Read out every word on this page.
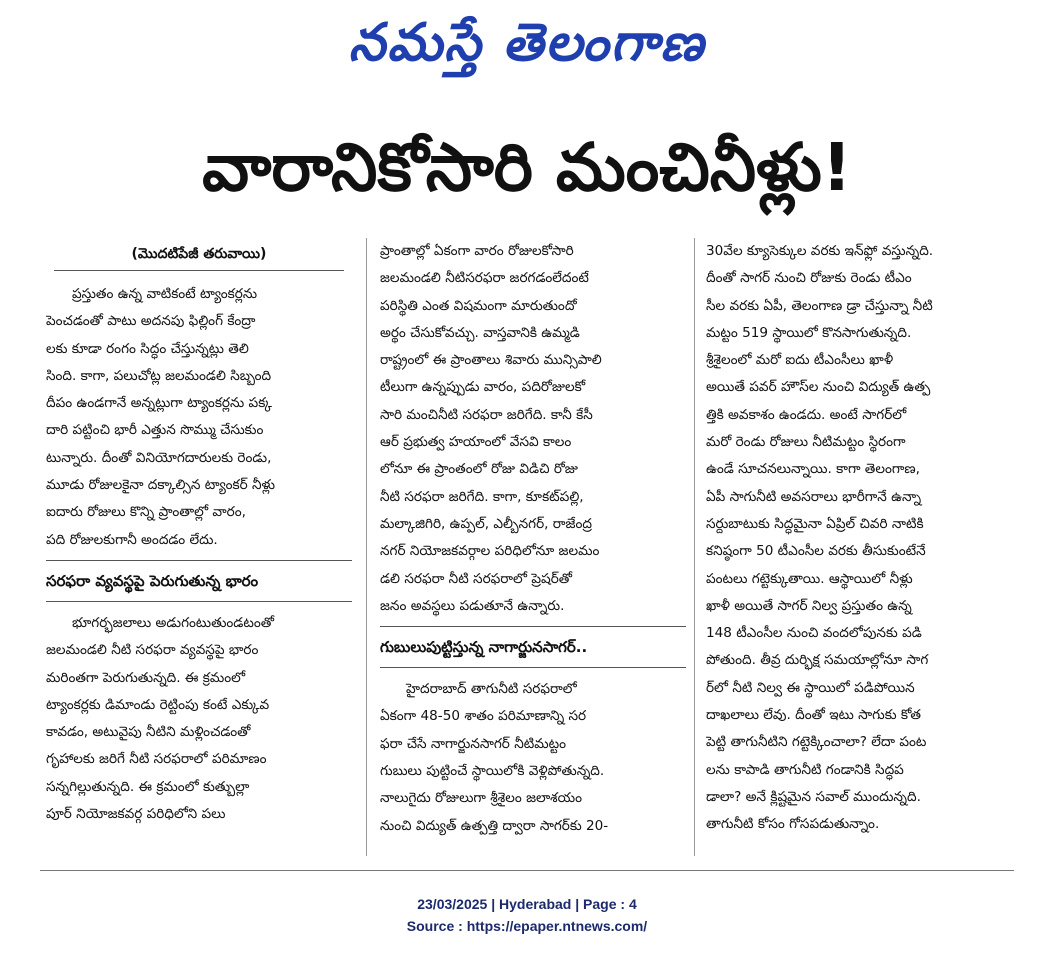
నమస్తే తెలంగాణ
వారానికోసారి మంచినీళ్లు!
(మొదటిపేజీ తరువాయి)
ప్రస్తుతం ఉన్న వాటికంటే ట్యాంకర్లను
పెంచడంతో పాటు అదనపు ఫిల్లింగ్ కేంద్రా
లకు కూడా రంగం సిద్ధం చేస్తున్నట్లు తెలి
సింది. కాగా, పలుచోట్ల జలమండలి సిబ్బంది
దీపం ఉండగానే అన్నట్లుగా ట్యాంకర్లను పక్క
దారి పట్టించి భారీ ఎత్తున సొమ్ము చేసుకుం
టున్నారు. దీంతో వినియోగదారులకు రెండు,
మూడు రోజులకైనా దక్కాల్సిన ట్యాంకర్ నీళ్లు
ఐదారు రోజులు కొన్ని ప్రాంతాల్లో వారం,
పది రోజులకుగానీ అందడం లేదు.
సరఫరా వ్యవస్థపై పెరుగుతున్న భారం
భూగర్భజలాలు అడుగంటుతుండటంతో
జలమండలి నీటి సరఫరా వ్యవస్థపై భారం
మరింతగా పెరుగుతున్నది. ఈ క్రమంలో
ట్యాంకర్లకు డిమాండు రెట్టింపు కంటే ఎక్కువ
కావడం, అటువైపు నీటిని మళ్లించడంతో
గృహాలకు జరిగే నీటి సరఫరాలో పరిమాణం
సన్నగిల్లుతున్నది. ఈ క్రమంలో కుత్బుల్లా
పూర్ నియోజకవర్గ పరిధిలోని పలు
ప్రాంతాల్లో ఏకంగా వారం రోజులకోసారి
జలమండలి నీటిసరఫరా జరగడంలేదంటే
పరిస్థితి ఎంత విషమంగా మారుతుందో
అర్థం చేసుకోవచ్చు. వాస్తవానికి ఉమ్మడి
రాష్ట్రంలో ఈ ప్రాంతాలు శివారు మున్సిపాలి
టీలుగా ఉన్నప్పుడు వారం, పదిరోజులకో
సారి మంచినీటి సరఫరా జరిగేది. కానీ కేసీ
ఆర్ ప్రభుత్వ హయాంలో వేసవి కాలం
లోనూ ఈ ప్రాంతంలో రోజు విడిచి రోజు
నీటి సరఫరా జరిగేది. కాగా, కూకట్‌పల్లి,
మల్కాజిగిరి, ఉప్పల్, ఎల్బీనగర్, రాజేంద్ర
నగర్ నియోజకవర్గాల పరిధిలోనూ జలమం
డలి సరఫరా నీటి సరఫరాలో ప్రెషర్‌తో
జనం అవస్థలు పడుతూనే ఉన్నారు.
గుబులుపుట్టిస్తున్న నాగార్జునసాగర్..
హైదరాబాద్ తాగునీటి సరఫరాలో
ఏకంగా 48-50 శాతం పరిమాణాన్ని సర
ఫరా చేసే నాగార్జునసాగర్ నీటిమట్టం
గుబులు పుట్టించే స్థాయిలోకి వెళ్లిపోతున్నది.
నాలుగైదు రోజులుగా శ్రీశైలం జలాశయం
నుంచి విద్యుత్ ఉత్పత్తి ద్వారా సాగర్‌కు 20-
30వేల క్యూసెక్కుల వరకు ఇన్‌ఫ్లో వస్తున్నది.
దీంతో సాగర్ నుంచి రోజుకు రెండు టీఎం
సీల వరకు ఏపీ, తెలంగాణ డ్రా చేస్తున్నా నీటి
మట్టం 519 స్థాయిలో కొనసాగుతున్నది.
శ్రీశైలంలో మరో ఐదు టీఎంసీలు ఖాళీ
అయితే పవర్ హౌస్‌ల నుంచి విద్యుత్ ఉత్ప
త్తికి అవకాశం ఉండదు. అంటే సాగర్‌లో
మరో రెండు రోజులు నీటిమట్టం స్థిరంగా
ఉండే సూచనలున్నాయి. కాగా తెలంగాణ,
ఏపీ సాగునీటి అవసరాలు భారీగానే ఉన్నా
సర్దుబాటుకు సిద్ధమైనా ఏప్రిల్ చివరి నాటికి
కనిష్ఠంగా 50 టీఎంసీల వరకు తీసుకుంటేనే
పంటలు గట్టెక్కుతాయి. ఆస్థాయిలో నీళ్లు
ఖాళీ అయితే సాగర్ నిల్వ ప్రస్తుతం ఉన్న
148 టీఎంసీల నుంచి వందలోపునకు పడి
పోతుంది. తీవ్ర దుర్భిక్ష సమయాల్లోనూ సాగ
ర్‌లో నీటి నిల్వ ఈ స్థాయిలో పడిపోయిన
దాఖలాలు లేవు. దీంతో ఇటు సాగుకు కోత
పెట్టి తాగునీటిని గట్టెక్కించాలా? లేదా పంట
లను కాపాడి తాగునీటి గండానికి సిద్ధప
డాలా? అనే క్లిష్టమైన సవాల్ ముందున్నది.
తాగునీటి కోసం గోసపడుతున్నాం.
23/03/2025 | Hyderabad | Page : 4
Source : https://epaper.ntnews.com/
